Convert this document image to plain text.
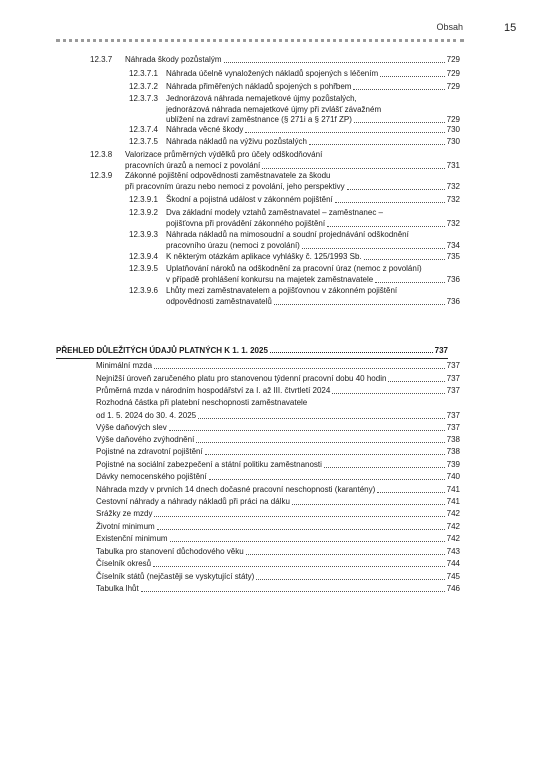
Obsah	15
12.3.7 Náhrada škody pozůstalým	729
12.3.7.1 Náhrada účelně vynaložených nákladů spojených s léčením	729
12.3.7.2 Náhrada přiměřených nákladů spojených s pohřbem	729
12.3.7.3 Jednorázová náhrada nemajetkové újmy pozůstalých,
jednorázová náhrada nemajetkové újmy při zvlášť závažném
ublížení na zdraví zaměstnance (§ 271i a § 271f ZP)	729
12.3.7.4 Náhrada věcné škody	730
12.3.7.5 Náhrada nákladů na výživu pozůstalých	730
12.3.8 Valorizace průměrných výdělků pro účely odškodňování
pracovních úrazů a nemocí z povolání	731
12.3.9 Zákonné pojištění odpovědnosti zaměstnavatele za škodu
při pracovním úrazu nebo nemoci z povolání, jeho perspektivy	732
12.3.9.1 Škodní a pojistná událost v zákonném pojištění	732
12.3.9.2 Dva základní modely vztahů zaměstnavatel – zaměstnanec –
pojišťovna při provádění zákonného pojištění	732
12.3.9.3 Náhrada nákladů na mimosoudní a soudní projednávání odškodnění
pracovního úrazu (nemoci z povolání)	734
12.3.9.4 K některým otázkám aplikace vyhlášky č. 125/1993 Sb.	735
12.3.9.5 Uplatňování nároků na odškodnění za pracovní úraz (nemoc z povolání)
v případě prohlášení konkursu na majetek zaměstnavatele	736
12.3.9.6 Lhůty mezi zaměstnavatelem a pojišťovnou v zákonném pojištění
odpovědnosti zaměstnavatelů	736
PŘEHLED DŮLEŽITÝCH ÚDAJŮ PLATNÝCH K 1. 1. 2025	737
Minimální mzda	737
Nejnižší úroveň zaručeného platu pro stanovenou týdenní pracovní dobu 40 hodin	737
Průměrná mzda v národním hospodářství za I. až III. čtvrtletí 2024	737
Rozhodná částka při platební neschopnosti zaměstnavatele
od 1. 5. 2024 do 30. 4. 2025	737
Výše daňových slev	737
Výše daňového zvýhodnění	738
Pojistné na zdravotní pojištění	738
Pojistné na sociální zabezpečení a státní politiku zaměstnanosti	739
Dávky nemocenského pojištění	740
Náhrada mzdy v prvních 14 dnech dočasné pracovní neschopnosti (karantény)	741
Cestovní náhrady a náhrady nákladů při práci na dálku	741
Srážky ze mzdy	742
Životní minimum	742
Existenční minimum	742
Tabulka pro stanovení důchodového věku	743
Číselník okresů	744
Číselník států (nejčastěji se vyskytující státy)	745
Tabulka lhůt	746
